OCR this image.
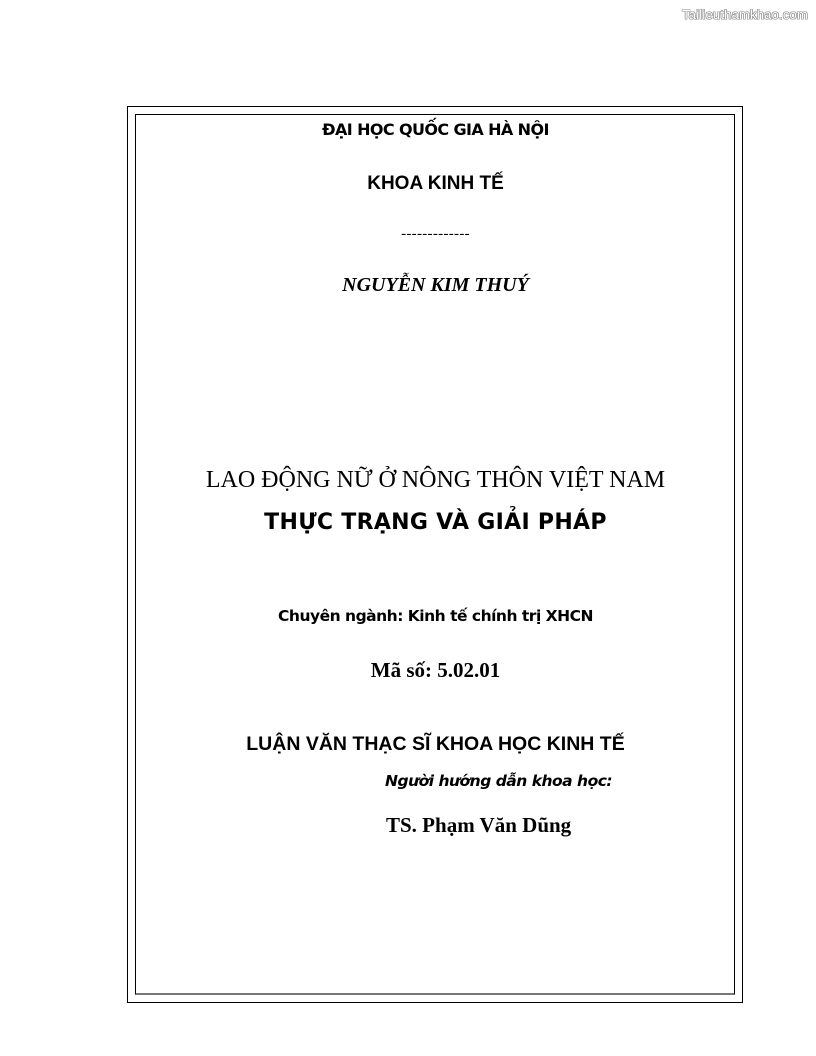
Tailieuthamkhao.com
ĐẠI HỌC QUỐC GIA HÀ NỘI
KHOA KINH TẾ
-------------
NGUYỄN KIM THUÝ
LAO ĐỘNG NỮ Ở NÔNG THÔN VIỆT NAM
THỰC TRẠNG VÀ GIẢI PHÁP
Chuyên ngành: Kinh tế chính trị XHCN
Mã số: 5.02.01
LUẬN VĂN THẠC SĨ KHOA HỌC KINH TẾ
Người hướng dẫn khoa học:
TS. Phạm Văn Dũng
